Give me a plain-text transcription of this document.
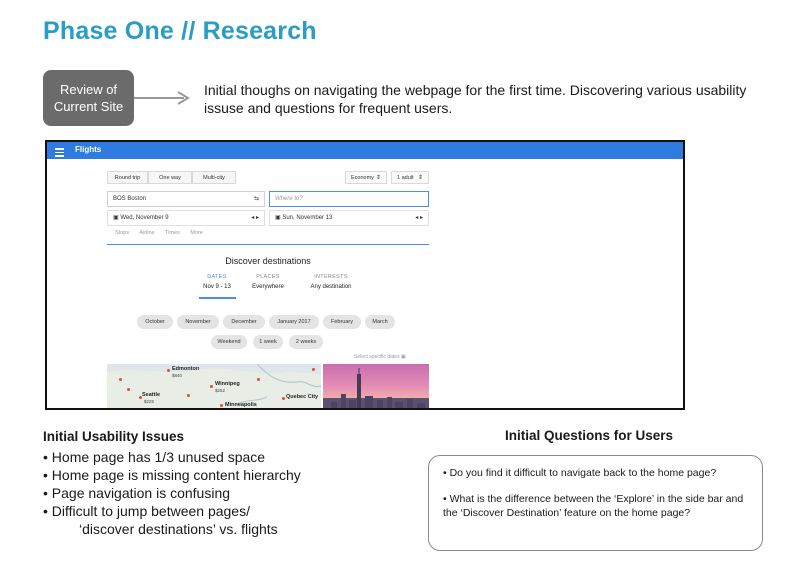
Phase One // Research
Review of
Current Site
Initial thoughs on navigating the webpage for the first time. Discovering various usability issuse and questions for frequent users.
Flights
Round trip	One way	Multi-city	Economy ⇕	1 adult ⇕
BOS Boston	⇆	Where to?
▣ Wed, November 9	◂ ▸	▣ Sun, November 13	◂ ▸
Stops Airline Times More
Discover destinations
DATES
Nov 9 - 13
PLACES
Everywhere
INTERESTS
Any destination
October	November	December	January 2017	February	March
Weekend	1 week	2 weeks
Select specific dates ▣
Edmonton
$840
Winnipeg
$252
Seattle
$225
Quebec City
Minneapolis
Initial Usability Issues
• Home page has 1/3 unused space
• Home page is missing content hierarchy
• Page navigation is confusing
• Difficult to jump between pages/
‘discover destinations’ vs. flights
Initial Questions for Users

• Do you find it difficult to navigate back to the home page?

• What is the difference between the ‘Explore’ in the side bar and the ‘Discover Destination’ feature on the home page?
